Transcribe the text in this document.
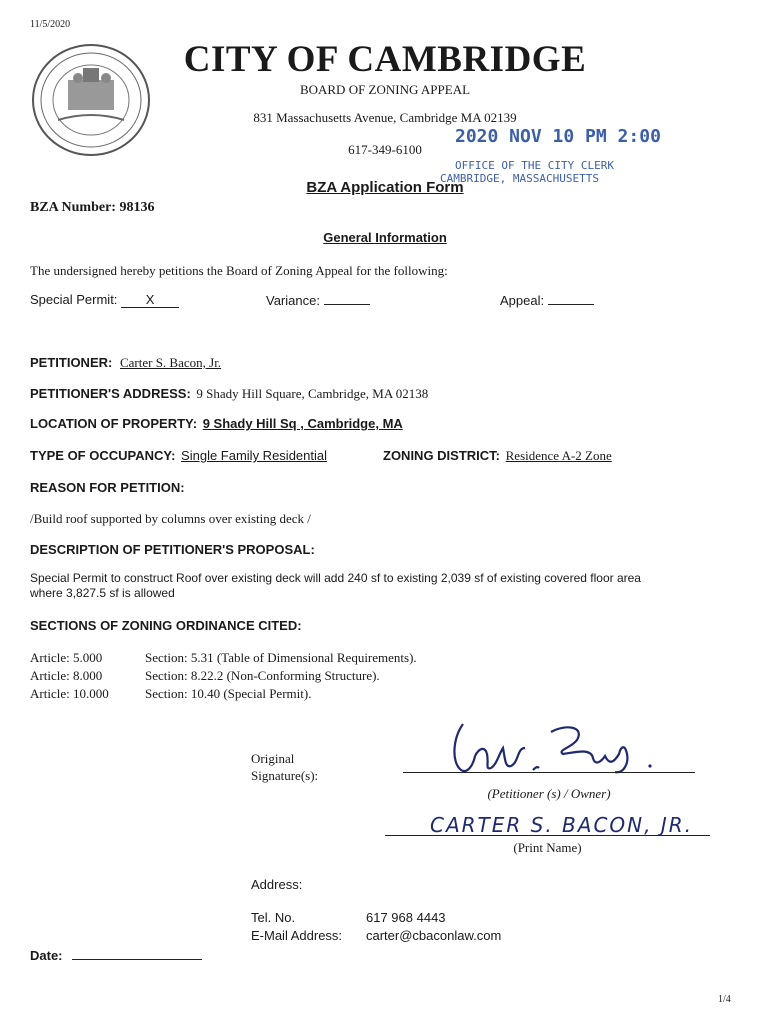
11/5/2020
CITY OF CAMBRIDGE
BOARD OF ZONING APPEAL
831 Massachusetts Avenue, Cambridge MA 02139
617-349-6100
BZA Application Form
2020 NOV 10 PM 2:00
OFFICE OF THE CITY CLERK
CAMBRIDGE, MASSACHUSETTS
BZA Number: 98136
General Information
The undersigned hereby petitions the Board of Zoning Appeal for the following:
Special Permit: X	Variance:	Appeal:
PETITIONER: Carter S. Bacon, Jr.
PETITIONER'S ADDRESS: 9 Shady Hill Square, Cambridge, MA 02138
LOCATION OF PROPERTY: 9 Shady Hill Sq , Cambridge, MA
TYPE OF OCCUPANCY: Single Family Residential	ZONING DISTRICT: Residence A-2 Zone
REASON FOR PETITION:
/Build roof supported by columns over existing deck /
DESCRIPTION OF PETITIONER'S PROPOSAL:
Special Permit to construct Roof over existing deck will add 240 sf to existing 2,039 sf of existing covered floor area
where 3,827.5 sf is allowed
SECTIONS OF ZONING ORDINANCE CITED:
Article: 5.000	Section: 5.31 (Table of Dimensional Requirements).
Article: 8.000	Section: 8.22.2 (Non-Conforming Structure).
Article: 10.000	Section: 10.40 (Special Permit).
Original
Signature(s):
(Petitioner (s) / Owner)
CARTER S. BACON, JR.
(Print Name)
Address:
Tel. No.	617 968 4443
E-Mail Address: carter@cbaconlaw.com
Date:
1/4
